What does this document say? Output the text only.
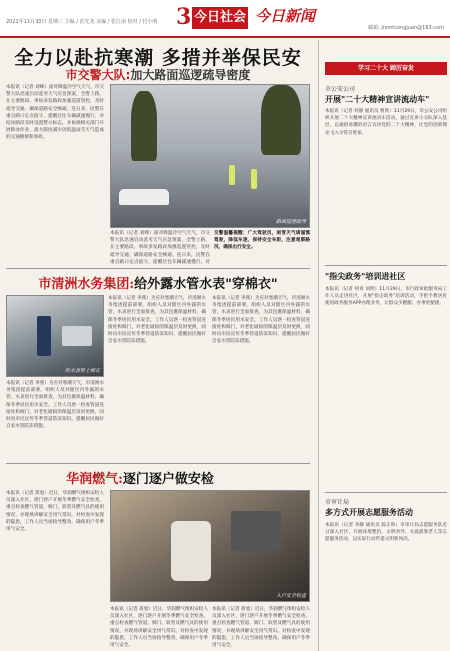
2022年11月30日 星期三 主编 / 范先龙 美编 / 张江南 校对 / 付小明 3 今日社会 今日新闻
邮箱: jrsmtcongjuan@163.com
全力以赴抗寒潮 多措并举保民安
市交警大队:加大路面巡逻疏导密度
本报讯（记者 刘峰）面对降温冷空气天气，市交警大队迅速启动恶劣天气应急预案，全警上路，在主要路段、事故多发路段加强巡逻管控，及时疏导交通，确保道路安全畅通。连日来，民警在重点路口定点值守，提醒过往车辆减速慢行，对结冰路段及时设置警示标志，并协调相关部门开展除冰作业，最大限度减少因低温雨雪天气造成的交通拥堵和事故。
路面巡逻疏导
本报讯（记者 刘峰）面对降温冷空气天气，市交警大队迅速启动恶劣天气应急预案，全警上路，在主要路段、事故多发路段加强巡逻管控，及时疏导交通，确保道路安全畅通。连日来，民警在重点路口定点值守，提醒过往车辆减速慢行，对
交警温馨提醒：广大驾驶员，雨雪天气请谨慎驾驶，降低车速，保持安全车距，注意观察路况，确保出行安全。
市清洲水务集团:给外露水管水表"穿棉衣"
给水表穿上棉衣
本报讯（记者 李燕）为应对寒潮天气，市清洲水务集团提前部署，组织人员对辖区内外露的水管、水表进行全面排查，为其包裹保温材料，确保冬季居民用水安全。工作人员逐一检查管道连接处和阀门，对老化破损的保温层及时更换，同时向市民宣传冬季管道防冻知识，提醒居民做好自家水管防冻措施。
本报讯（记者 李燕）为应对寒潮天气，市清洲水务集团提前部署，组织人员对辖区内外露的水管、水表进行全面排查，为其包裹保温材料，确保冬季居民用水安全。工作人员逐一检查管道连接处和阀门，对老化破损的保温层及时更换，同时向市民宣传冬季管道防冻知识，提醒居民做好自家水管防冻措施。
本报讯（记者 李燕）为应对寒潮天气，市清洲水务集团提前部署，组织人员对辖区内外露的水管、水表进行全面排查，为其包裹保温材料，确保冬季居民用水安全。工作人员逐一检查管道连接处和阀门，对老化破损的保温层及时更换，同时向市民宣传冬季管道防冻知识，提醒居民做好自家水管防冻措施。
华润燃气:逐门逐户做安检
本报讯（记者 蒋旭）近日，华润燃气组织安检人员深入社区，逐门逐户开展冬季燃气安全检查，重点检查燃气管道、阀门、软管及燃气具的使用情况，并现场讲解安全用气常识。对检查中发现的隐患，工作人员当场指导整改，确保用户冬季用气安全。
入户安全检查
本报讯（记者 蒋旭）近日，华润燃气组织安检人员深入社区，逐门逐户开展冬季燃气安全检查，重点检查燃气管道、阀门、软管及燃气具的使用情况，并现场讲解安全用气常识。对检查中发现的隐患，工作人员当场指导整改，确保用户冬季用气安全。
本报讯（记者 蒋旭）近日，华润燃气组织安检人员深入社区，逐门逐户开展冬季燃气安全检查，重点检查燃气管道、阀门、软管及燃气具的使用情况，并现场讲解安全用气常识。对检查中发现的隐患，工作人员当场指导整改，确保用户冬季用气安全。
学习二十大 踔厉奋发
市公安公司
开展"二十大精神宣讲流动车"
本报讯（记者 何静 通讯员 曹欣）11月29日，市公安公司组织开展二十大精神宣讲流动车活动，通过宣讲小分队深入基层，以通俗易懂的语言宣讲党的二十大精神，让党的创新理论飞入寻常百姓家。
"指尖政务"培训进社区
本报讯（记者 何青 刘明）11月29日，市行政审批服务局工作人员走进社区，开展"指尖政务"培训活动，手把手教居民使用政务服务APP办理业务，让群众少跑腿、办事更便捷。
市审计局
多方式开展志愿服务活动
本报讯（记者 李静 通讯员 陈正和）市审计局志愿服务队近日深入社区，开展环境整治、文明劝导、关爱孤寡老人等志愿服务活动，以实际行动传递文明新风尚。
